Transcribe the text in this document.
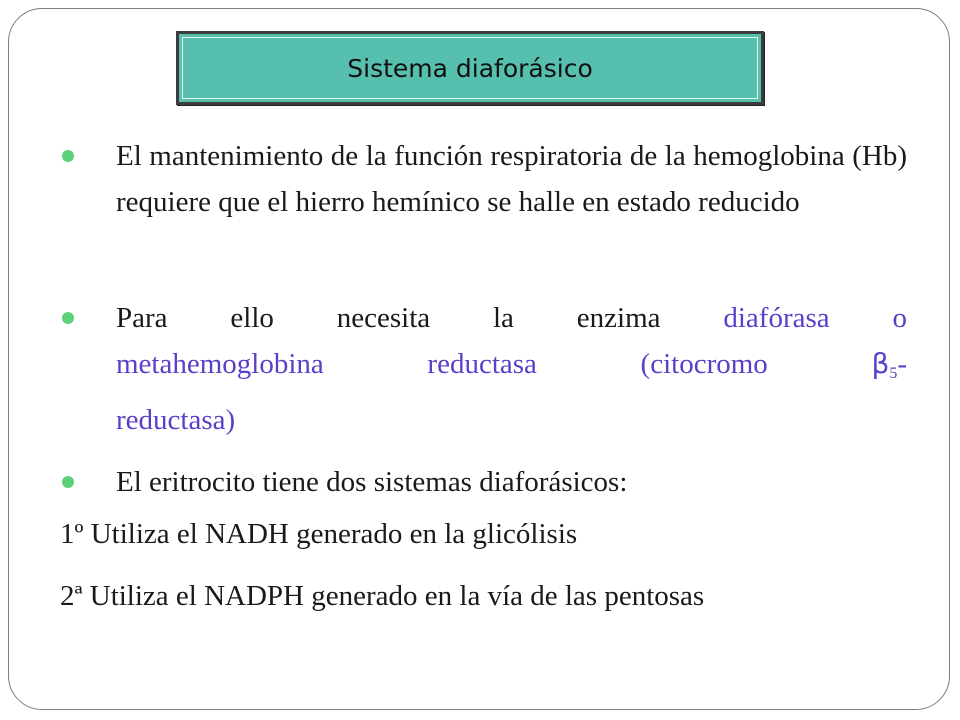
Sistema diaforásico
El mantenimiento de la función respiratoria de la hemoglobina (Hb) requiere que el hierro hemínico se halle en estado reducido
Para ello necesita la enzima diafórasa o
metahemoglobina reductasa (citocromo $\beta_5-$
reductasa)
El eritrocito tiene dos sistemas diaforásicos:
1º Utiliza el NADH generado en la glicólisis
2ª Utiliza el NADPH generado en la vía de las pentosas
